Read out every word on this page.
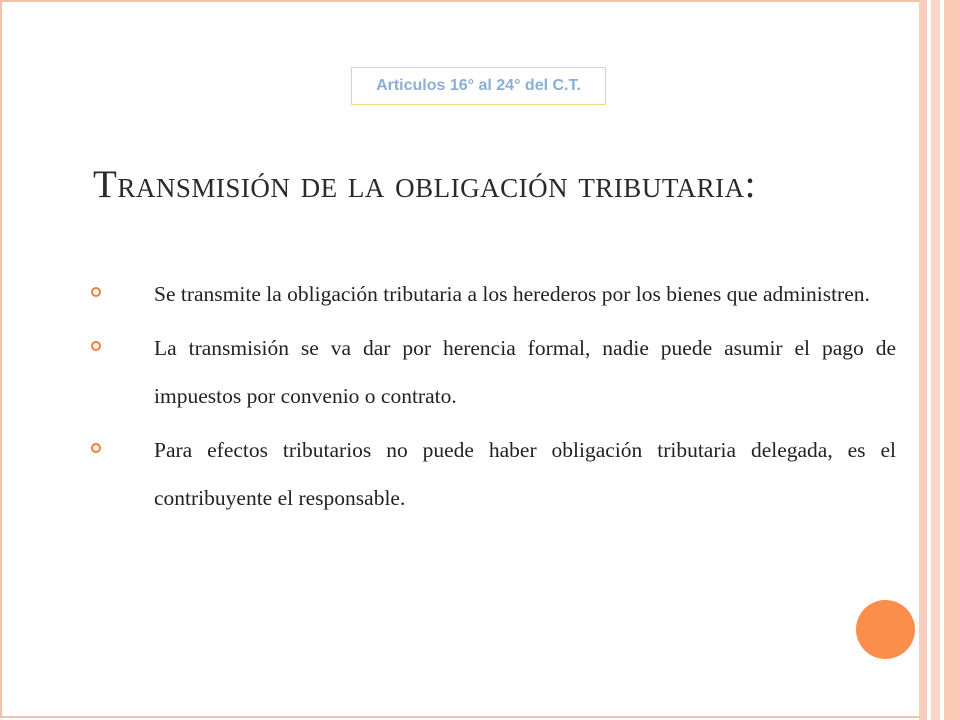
Articulos 16° al 24° del C.T.
Transmisión de la obligación tributaria:
Se transmite la obligación tributaria a los herederos por los bienes que administren.
La transmisión se va dar por herencia formal, nadie puede asumir el pago de impuestos por convenio o contrato.
Para efectos tributarios no puede haber obligación tributaria delegada, es el contribuyente el responsable.
